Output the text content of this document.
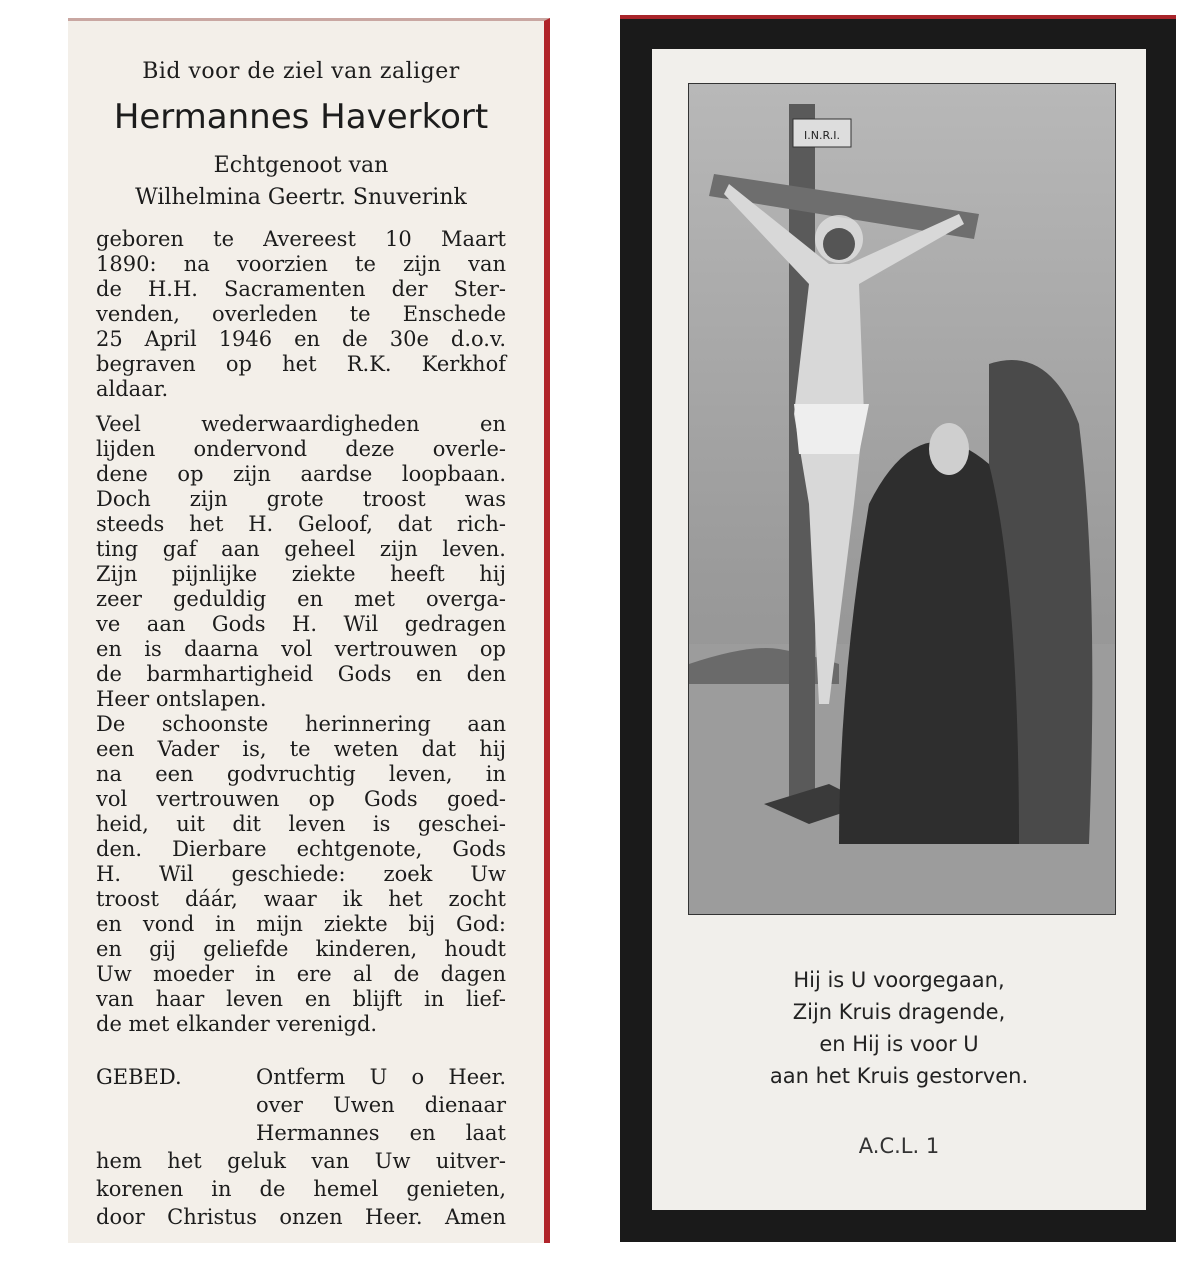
Bid voor de ziel van zaliger
Hermannes Haverkort
Echtgenoot van
Wilhelmina Geertr. Snuverink
geboren te Avereest 10 Maart
1890: na voorzien te zijn van
de H.H. Sacramenten der Ster-
venden, overleden te Enschede
25 April 1946 en de 30e d.o.v.
begraven op het R.K. Kerkhof
aldaar.
Veel wederwaardigheden en
lijden ondervond deze overle-
dene op zijn aardse loopbaan.
Doch zijn grote troost was
steeds het H. Geloof, dat rich-
ting gaf aan geheel zijn leven.
Zijn pijnlijke ziekte heeft hij
zeer geduldig en met overga-
ve aan Gods H. Wil gedragen
en is daarna vol vertrouwen op
de barmhartigheid Gods en den
Heer ontslapen.
De schoonste herinnering aan
een Vader is, te weten dat hij
na een godvruchtig leven, in
vol vertrouwen op Gods goed-
heid, uit dit leven is geschei-
den. Dierbare echtgenote, Gods
H. Wil geschiede: zoek Uw
troost dáár, waar ik het zocht
en vond in mijn ziekte bij God:
en gij geliefde kinderen, houdt
Uw moeder in ere al de dagen
van haar leven en blijft in lief-
de met elkander verenigd.
GEBED.	Ontferm U o Heer.
over Uwen dienaar
Hermannes en laat
hem het geluk van Uw uitver-
korenen in de hemel genieten,
door Christus onzen Heer. Amen
I.N.R.I.
Hij is U voorgegaan,
Zijn Kruis dragende,
en Hij is voor U
aan het Kruis gestorven.
A.C.L. 1
